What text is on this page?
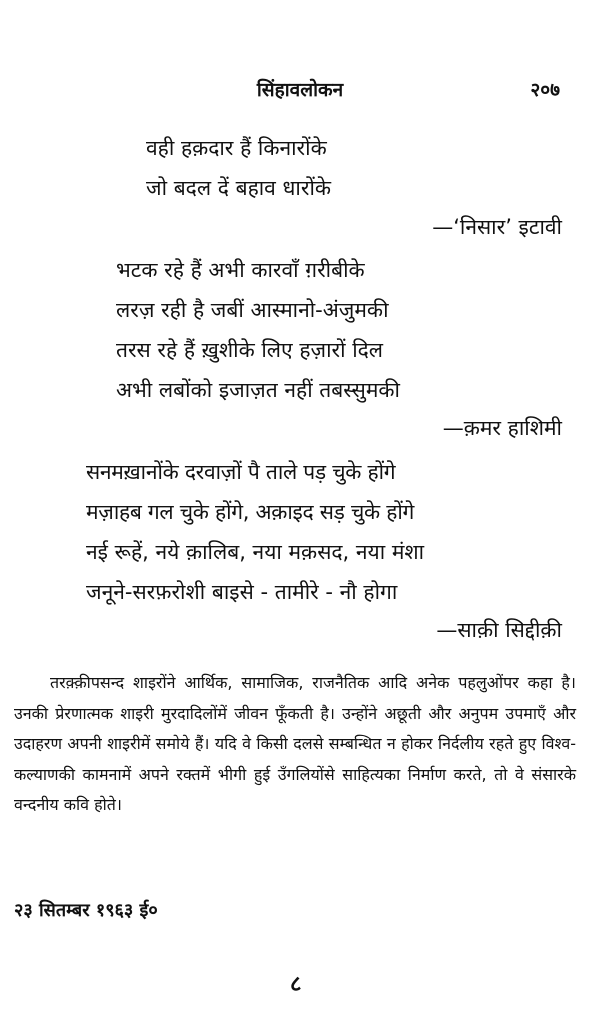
सिंहावलोकन	२०७
वही हक़दार हैं किनारोंके
जो बदल दें बहाव धारोंके
—‘निसार’ इटावी
भटक रहे हैं अभी कारवाँ ग़रीबीके
लरज़ रही है जबीं आस्मानो-अंजुमकी
तरस रहे हैं ख़ुशीके लिए हज़ारों दिल
अभी लबोंको इजाज़त नहीं तबस्सुमकी
—क़मर हाशिमी
सनमख़ानोंके दरवाज़ों पै ताले पड़ चुके होंगे
मज़ाहब गल चुके होंगे, अक़ाइद सड़ चुके होंगे
नई रूहें, नये क़ालिब, नया मक़सद, नया मंशा
जनूने-सरफ़रोशी बाइसे - तामीरे - नौ होगा
—साक़ी सिद्दीक़ी

तरक़्क़ीपसन्द शाइरोंने आर्थिक, सामाजिक, राजनैतिक आदि अनेक पहलुओंपर कहा है। उनकी प्रेरणात्मक शाइरी मुरदादिलोंमें जीवन फूँकती है। उन्होंने अछूती और अनुपम उपमाएँ और उदाहरण अपनी शाइरीमें समोये हैं। यदि वे किसी दलसे सम्बन्धित न होकर निर्दलीय रहते हुए विश्व-कल्याणकी कामनामें अपने रक्तमें भीगी हुई उँगलियोंसे साहित्यका निर्माण करते, तो वे संसारके वन्दनीय कवि होते।

२३ सितम्बर १९६३ ई०
८
